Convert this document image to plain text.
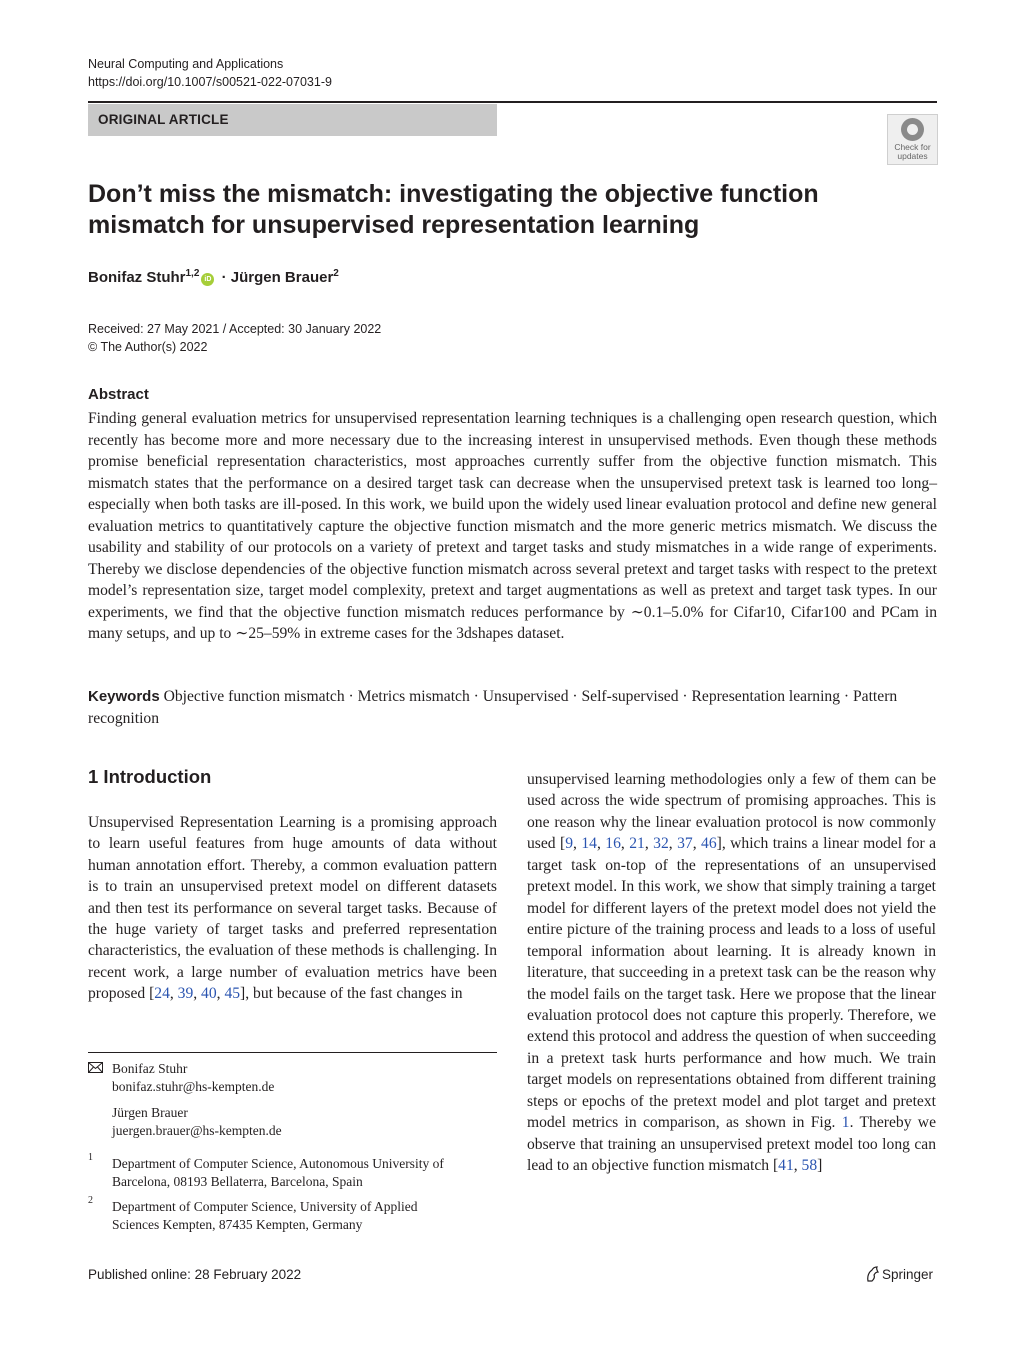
Neural Computing and Applications
https://doi.org/10.1007/s00521-022-07031-9
ORIGINAL ARTICLE
Check for
updates
Don’t miss the mismatch: investigating the objective function
mismatch for unsupervised representation learning
Bonifaz Stuhr$^{1,2}$iD · Jürgen Brauer$^2$
Received: 27 May 2021 / Accepted: 30 January 2022
© The Author(s) 2022
Abstract
Finding general evaluation metrics for unsupervised representation learning techniques is a challenging open research question, which recently has become more and more necessary due to the increasing interest in unsupervised methods. Even though these methods promise beneficial representation characteristics, most approaches currently suffer from the objective function mismatch. This mismatch states that the performance on a desired target task can decrease when the unsupervised pretext task is learned too long–especially when both tasks are ill-posed. In this work, we build upon the widely used linear evaluation protocol and define new general evaluation metrics to quantitatively capture the objective function mismatch and the more generic metrics mismatch. We discuss the usability and stability of our protocols on a variety of pretext and target tasks and study mismatches in a wide range of experiments. Thereby we disclose dependencies of the objective function mismatch across several pretext and target tasks with respect to the pretext model’s representation size, target model complexity, pretext and target augmentations as well as pretext and target task types. In our experiments, we find that the objective function mismatch reduces performance by ∼0.1–5.0% for Cifar10, Cifar100 and PCam in many setups, and up to ∼25–59% in extreme cases for the 3dshapes dataset.
Keywords Objective function mismatch · Metrics mismatch · Unsupervised · Self-supervised · Representation learning · Pattern recognition
1 Introduction
Unsupervised Representation Learning is a promising approach to learn useful features from huge amounts of data without human annotation effort. Thereby, a common evaluation pattern is to train an unsupervised pretext model on different datasets and then test its performance on several target tasks. Because of the huge variety of target tasks and preferred representation characteristics, the evaluation of these methods is challenging. In recent work, a large number of evaluation metrics have been proposed [24, 39, 40, 45], but because of the fast changes in
unsupervised learning methodologies only a few of them can be used across the wide spectrum of promising approaches. This is one reason why the linear evaluation protocol is now commonly used [9, 14, 16, 21, 32, 37, 46], which trains a linear model for a target task on-top of the representations of an unsupervised pretext model. In this work, we show that simply training a target model for different layers of the pretext model does not yield the entire picture of the training process and leads to a loss of useful temporal information about learning. It is already known in literature, that succeeding in a pretext task can be the reason why the model fails on the target task. Here we propose that the linear evaluation protocol does not capture this properly. Therefore, we extend this protocol and address the question of when succeeding in a pretext task hurts performance and how much. We train target models on representations obtained from different training steps or epochs of the pretext model and plot target and pretext model metrics in comparison, as shown in Fig. 1. Thereby we observe that training an unsupervised pretext model too long can lead to an objective function mismatch [41, 58]
Bonifaz Stuhr
bonifaz.stuhr@hs-kempten.de
Jürgen Brauer
juergen.brauer@hs-kempten.de
1 Department of Computer Science, Autonomous University of
Barcelona, 08193 Bellaterra, Barcelona, Spain
2 Department of Computer Science, University of Applied
Sciences Kempten, 87435 Kempten, Germany
Published online: 28 February 2022	Springer
